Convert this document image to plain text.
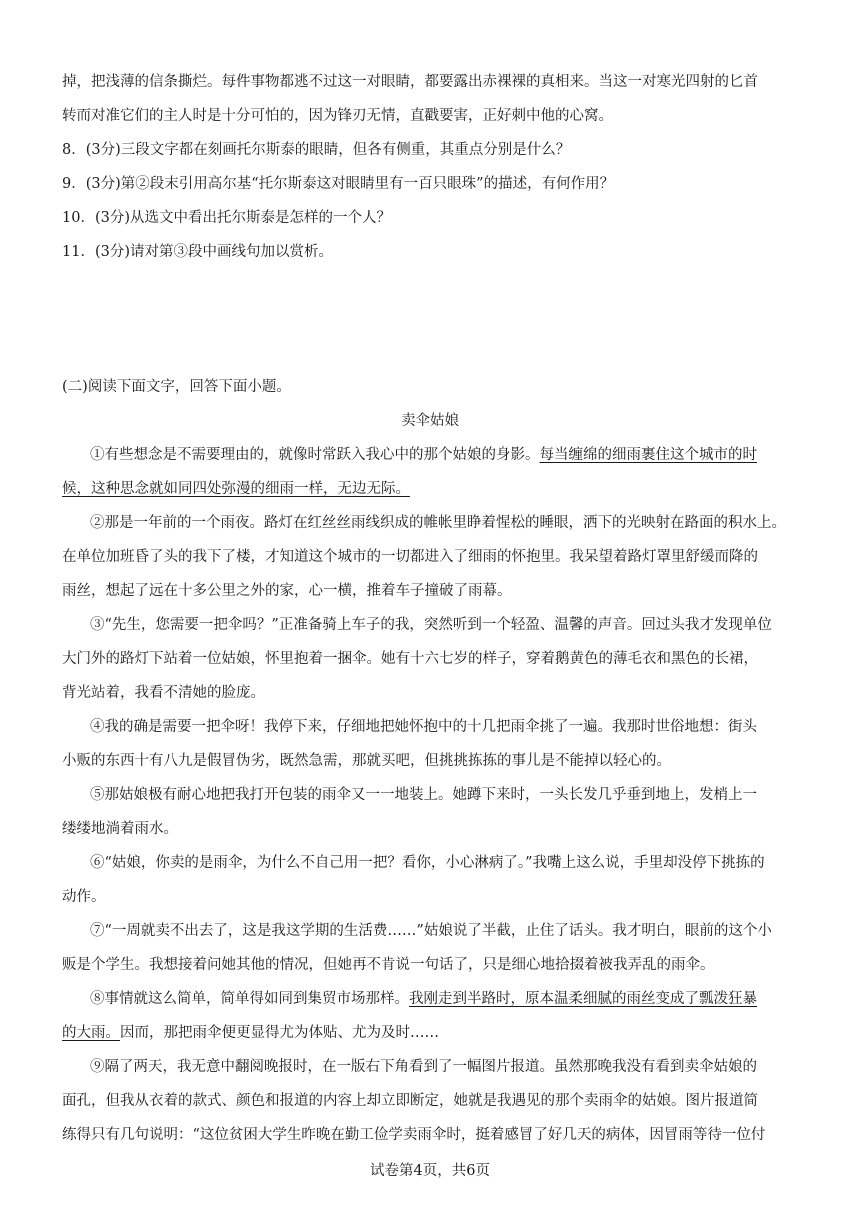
掉，把浅薄的信条撕烂。每件事物都逃不过这一对眼睛，都要露出赤裸裸的真相来。当这一对寒光四射的匕首
转而对准它们的主人时是十分可怕的，因为锋刃无情，直戳要害，正好刺中他的心窝。
8．(3分)三段文字都在刻画托尔斯泰的眼睛，但各有侧重，其重点分别是什么？
9．(3分)第②段末引用高尔基“托尔斯泰这对眼睛里有一百只眼珠”的描述，有何作用？
10．(3分)从选文中看出托尔斯泰是怎样的一个人？
11．(3分)请对第③段中画线句加以赏析。
(二)阅读下面文字，回答下面小题。
卖伞姑娘
①有些想念是不需要理由的，就像时常跃入我心中的那个姑娘的身影。每当缠绵的细雨裹住这个城市的时
候，这种思念就如同四处弥漫的细雨一样，无边无际。
②那是一年前的一个雨夜。路灯在红丝丝雨线织成的帷帐里睁着惺松的睡眼，洒下的光映射在路面的积水上。
在单位加班昏了头的我下了楼，才知道这个城市的一切都进入了细雨的怀抱里。我呆望着路灯罩里舒缓而降的
雨丝，想起了远在十多公里之外的家，心一横，推着车子撞破了雨幕。
③“先生，您需要一把伞吗？”正准备骑上车子的我，突然听到一个轻盈、温馨的声音。回过头我才发现单位
大门外的路灯下站着一位姑娘，怀里抱着一捆伞。她有十六七岁的样子，穿着鹅黄色的薄毛衣和黑色的长裙，
背光站着，我看不清她的脸庞。
④我的确是需要一把伞呀！我停下来，仔细地把她怀抱中的十几把雨伞挑了一遍。我那时世俗地想：街头
小贩的东西十有八九是假冒伪劣，既然急需，那就买吧，但挑挑拣拣的事儿是不能掉以轻心的。
⑤那姑娘极有耐心地把我打开包装的雨伞又一一地装上。她蹲下来时，一头长发几乎垂到地上，发梢上一
缕缕地淌着雨水。
⑥“姑娘，你卖的是雨伞，为什么不自己用一把？看你，小心淋病了。”我嘴上这么说，手里却没停下挑拣的
动作。
⑦“一周就卖不出去了，这是我这学期的生活费……”姑娘说了半截，止住了话头。我才明白，眼前的这个小
贩是个学生。我想接着问她其他的情况，但她再不肯说一句话了，只是细心地拾掇着被我弄乱的雨伞。
⑧事情就这么简单，简单得如同到集贸市场那样。我刚走到半路时，原本温柔细腻的雨丝变成了瓢泼狂暴
的大雨。因而，那把雨伞便更显得尤为体贴、尤为及时……
⑨隔了两天，我无意中翻阅晚报时，在一版右下角看到了一幅图片报道。虽然那晚我没有看到卖伞姑娘的
面孔，但我从衣着的款式、颜色和报道的内容上却立即断定，她就是我遇见的那个卖雨伞的姑娘。图片报道简
练得只有几句说明：“这位贫困大学生昨晚在勤工俭学卖雨伞时，挺着感冒了好几天的病体，因冒雨等待一位付
试卷第4页，共6页
